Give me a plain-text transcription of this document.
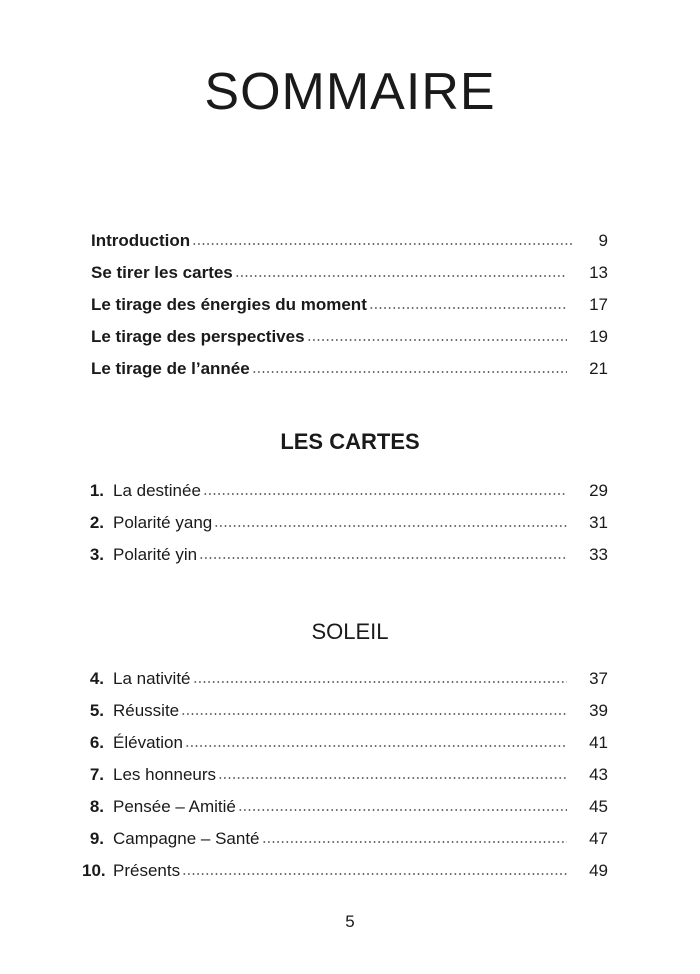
SOMMAIRE
Introduction	9
Se tirer les cartes	13
Le tirage des énergies du moment	17
Le tirage des perspectives	19
Le tirage de l’année	21
LES CARTES
1. La destinée	29
2. Polarité yang	31
3. Polarité yin	33
SOLEIL
4. La nativité	37
5. Réussite	39
6. Élévation	41
7. Les honneurs	43
8. Pensée – Amitié	45
9. Campagne – Santé	47
10. Présents	49
5
